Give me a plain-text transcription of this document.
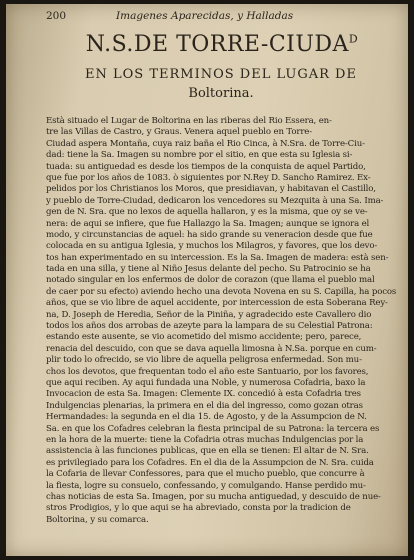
200	Imagenes Aparecidas, y Halladas
N.S.DE TORRE-$CIUDA^D$
EN LOS TERMINOS DEL LUGAR DE
Boltorina.
Està situado el Lugar de Boltorina en las riberas del Rio Essera, en-
tre las Villas de Castro, y Graus. Venera aquel pueblo en Torre-
Ciudad aspera Montaña, cuya raiz baña el Rio Cinca, à N.Sra. de Torre-Ciu-
dad: tiene la Sa. Imagen su nombre por el sitio, en que esta su Iglesia si-
tuada: su antiguedad es desde los tiempos de la conquista de aquel Partido,
que fue por los años de 1083. ò siguientes por N.Rey D. Sancho Ramirez. Ex-
pelidos por los Christianos los Moros, que presidiavan, y habitavan el Castillo,
y pueblo de Torre-Ciudad, dedicaron los vencedores su Mezquita à una Sa. Ima-
gen de N. Sra. que no lexos de aquella hallaron, y es la misma, que oy se ve-
nera: de aqui se infiere, que fue Hallazgo la Sa. Imagen; aunque se ignora el
modo, y circunstancias de aquel: ha sido grande su veneracion desde que fue
colocada en su antigua Iglesia, y muchos los Milagros, y favores, que los devo-
tos han experimentado en su intercession. Es la Sa. Imagen de madera: està sen-
tada en una silla, y tiene al Niño Jesus delante del pecho. Su Patrocinio se ha
notado singular en los enfermos de dolor de corazon (que llama el pueblo mal
de caer por su efecto) aviendo hecho una devota Novena en su S. Capilla, ha pocos
años, que se vio libre de aquel accidente, por intercession de esta Soberana Rey-
na, D. Joseph de Heredia, Señor de la Piniña, y agradecido este Cavallero dio
todos los años dos arrobas de azeyte para la lampara de su Celestial Patrona:
estando este ausente, se vio acometido del mismo accidente; pero, parece,
renacia del descuido, con que se dava aquella limosna à N.Sa. porque en cum-
plir todo lo ofrecido, se vio libre de aquella peligrosa enfermedad. Son mu-
chos los devotos, que frequentan todo el año este Santuario, por los favores,
que aqui reciben. Ay aqui fundada una Noble, y numerosa Cofadria, baxo la
Invocacion de esta Sa. Imagen: Clemente IX. concedió à esta Cofadria tres
Indulgencias plenarias, la primera en el dia del ingresso, como gozan otras
Hermandades: la segunda en el dia 15. de Agosto, y de la Assumpcion de N.
Sa. en que los Cofadres celebran la fiesta principal de su Patrona: la tercera es
en la hora de la muerte: tiene la Cofadria otras muchas Indulgencias por la
assistencia à las funciones publicas, que en ella se tienen: El altar de N. Sra.
es privilegiado para los Cofadres. En el dia de la Assumpcion de N. Sra. cuida
la Cofaria de llevar Confessores, para que el mucho pueblo, que concurre à
la fiesta, logre su consuelo, confessando, y comulgando. Hanse perdido mu-
chas noticias de esta Sa. Imagen, por su mucha antiguedad, y descuido de nue-
stros Prodigios, y lo que aqui se ha abreviado, consta por la tradicion de
Boltorina, y su comarca.
